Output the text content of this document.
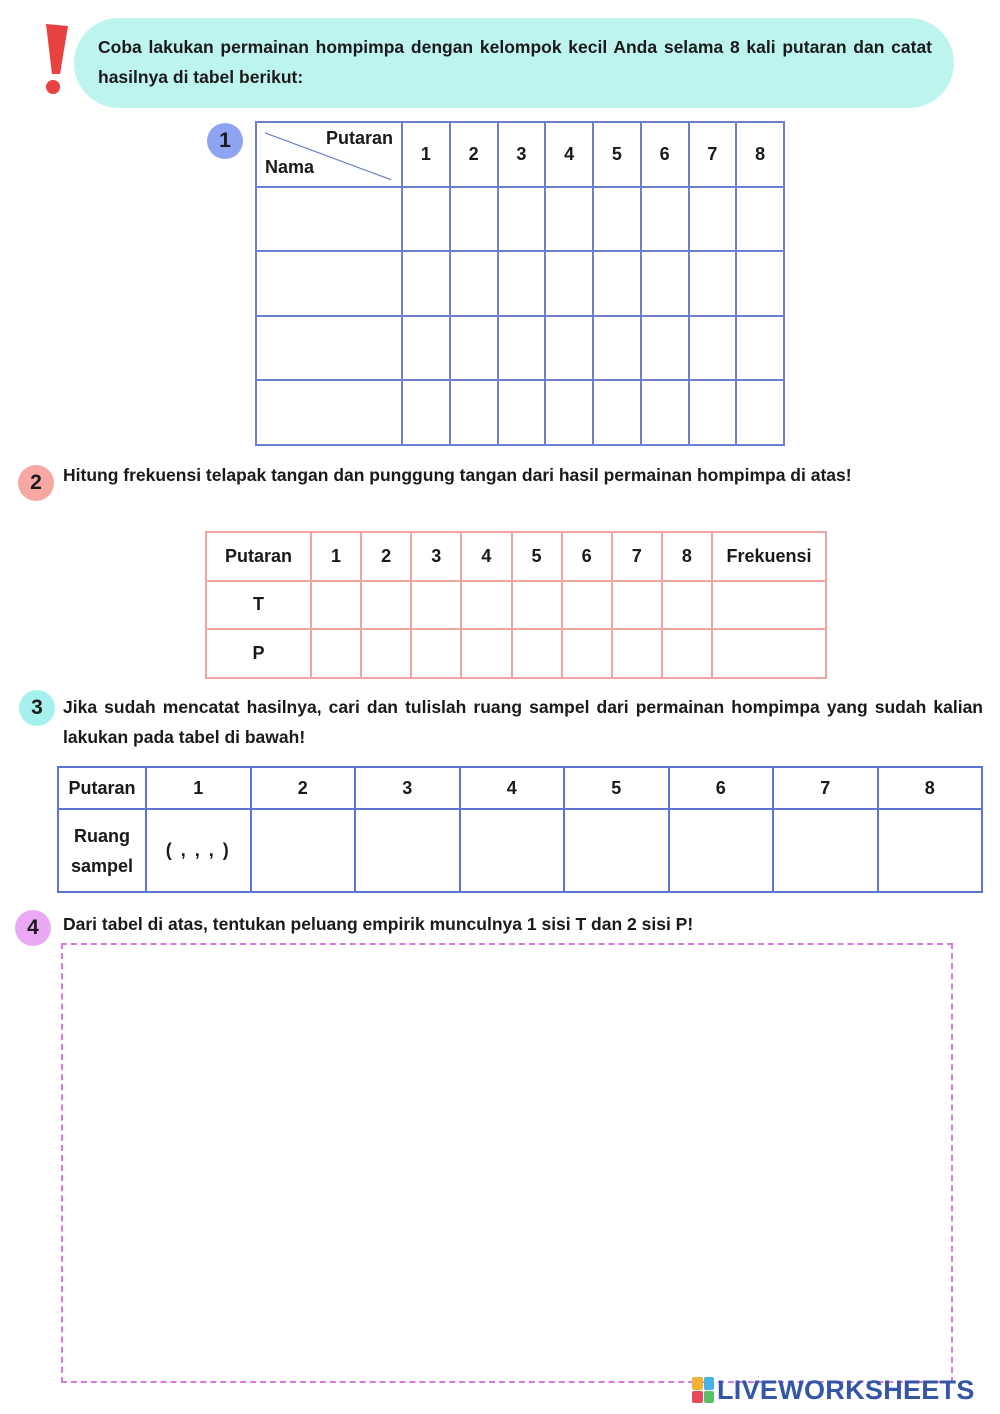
Coba lakukan permainan hompimpa dengan kelompok kecil Anda selama 8 kali putaran dan catat hasilnya di tabel berikut:

1	Putaran
Nama	1	2	3	4	5	6	7	8

2	Hitung frekuensi telapak tangan dan punggung tangan dari hasil permainan hompimpa di atas!
Putaran	1	2	3	4	5	6	7	8	Frekuensi
T									
P									
3	Jika sudah mencatat hasilnya, cari dan tulislah ruang sampel dari permainan hompimpa yang sudah kalian lakukan pada tabel di bawah!
Putaran	1	2	3	4	5	6	7	8
Ruang
sampel	( , , , )							
4	Dari tabel di atas, tentukan peluang empirik munculnya 1 sisi T dan 2 sisi P!
LIVEWORKSHEETS
